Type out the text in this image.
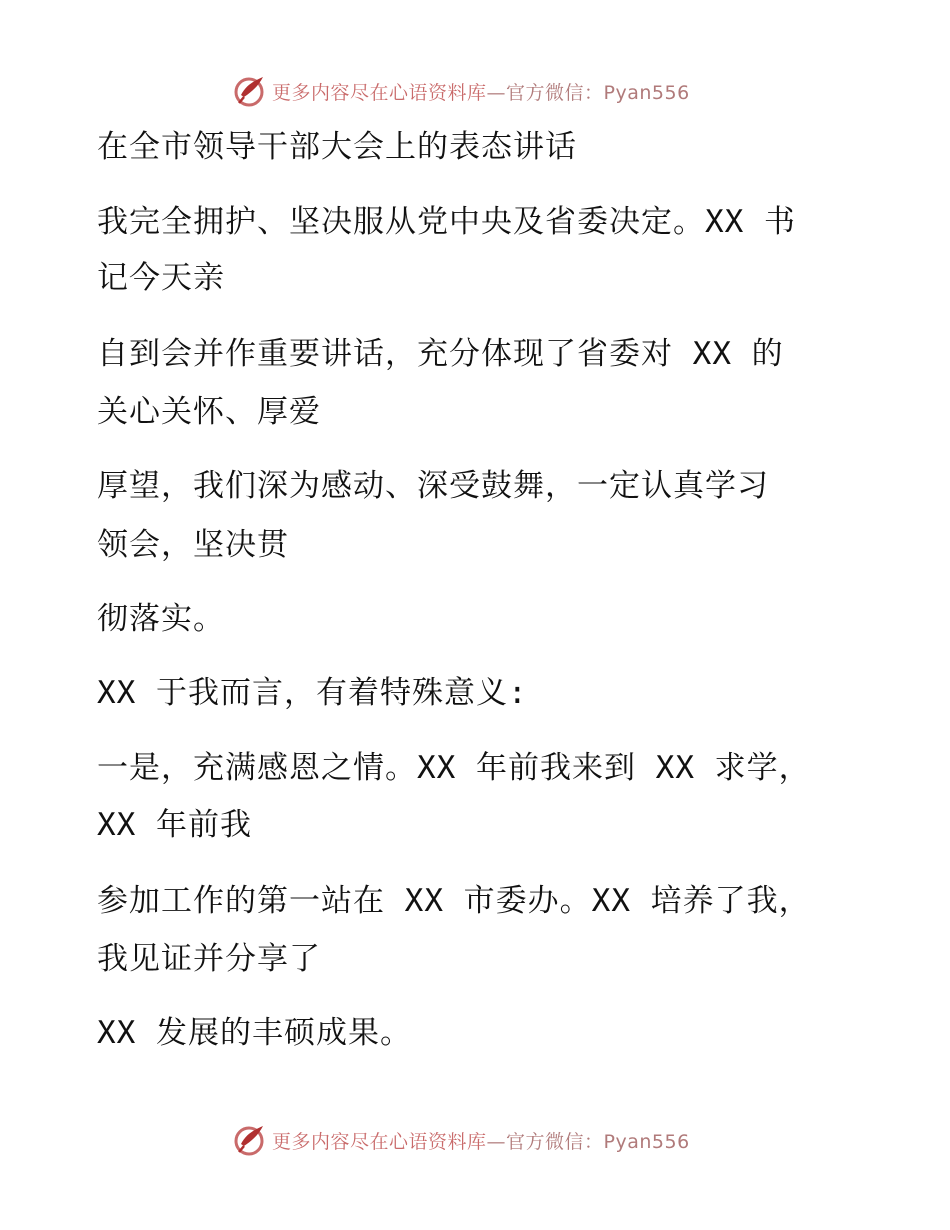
更多内容尽在心语资料库—官方微信：Pyan556
在全市领导干部大会上的表态讲话
我完全拥护、坚决服从党中央及省委决定。XX 书
记今天亲
自到会并作重要讲话，充分体现了省委对 XX 的
关心关怀、厚爱
厚望，我们深为感动、深受鼓舞，一定认真学习
领会，坚决贯
彻落实。
XX 于我而言，有着特殊意义:
一是，充满感恩之情。XX 年前我来到 XX 求学，
XX 年前我
参加工作的第一站在 XX 市委办。XX 培养了我，
我见证并分享了
XX 发展的丰硕成果。
更多内容尽在心语资料库—官方微信：Pyan556
